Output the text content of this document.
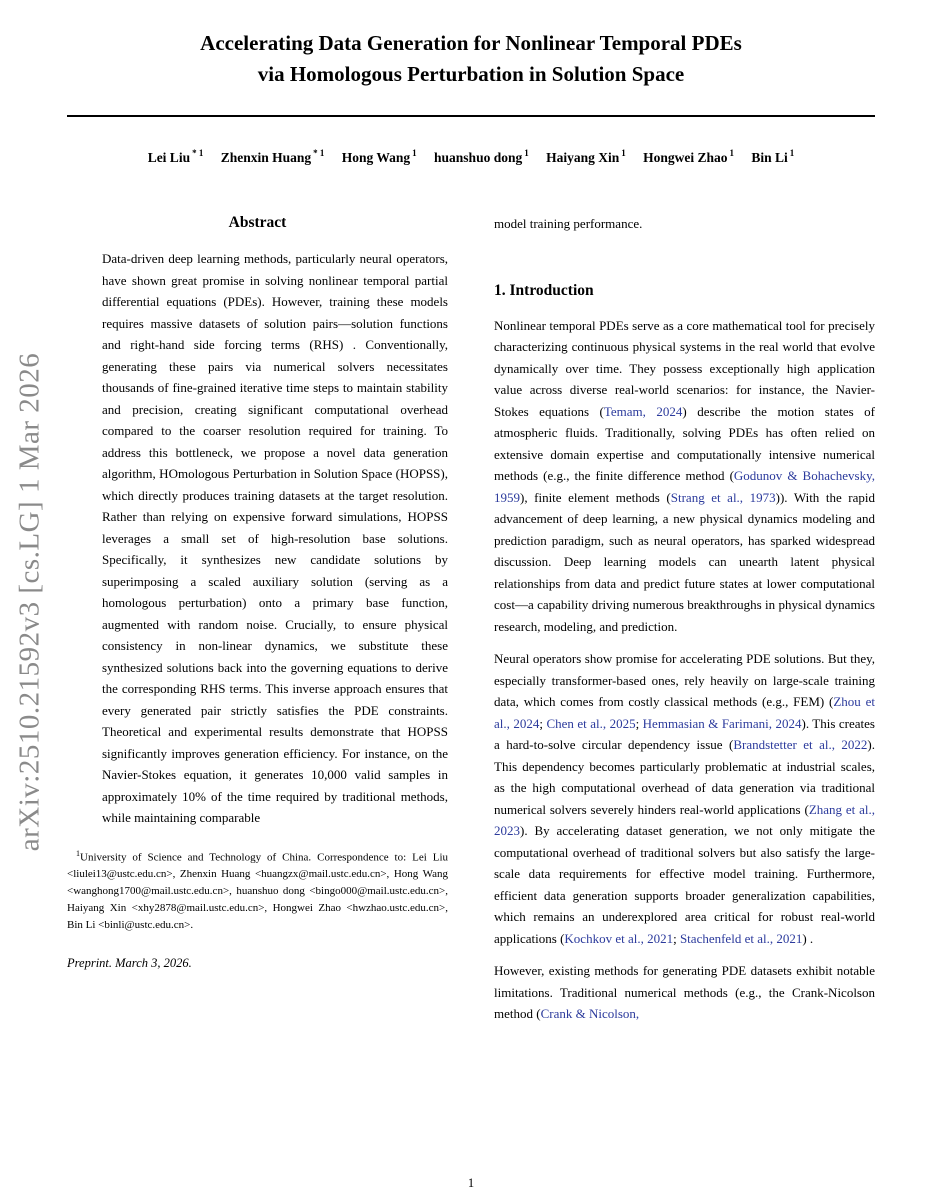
arXiv:2510.21592v3 [cs.LG] 1 Mar 2026
Accelerating Data Generation for Nonlinear Temporal PDEs
via Homologous Perturbation in Solution Space
Lei Liu $^{* 1}$ Zhenxin Huang $^{* 1}$ Hong Wang $^1$ huanshuo dong $^1$ Haiyang Xin $^1$ Hongwei Zhao $^1$ Bin Li $^1$
Abstract
Data-driven deep learning methods, particularly neural operators, have shown great promise in solving nonlinear temporal partial differential equations (PDEs). However, training these models requires massive datasets of solution pairs—solution functions and right-hand side forcing terms (RHS) . Conventionally, generating these pairs via numerical solvers necessitates thousands of fine-grained iterative time steps to maintain stability and precision, creating significant computational overhead compared to the coarser resolution required for training. To address this bottleneck, we propose a novel data generation algorithm, HOmologous Perturbation in Solution Space (HOPSS), which directly produces training datasets at the target resolution. Rather than relying on expensive forward simulations, HOPSS leverages a small set of high-resolution base solutions. Specifically, it synthesizes new candidate solutions by superimposing a scaled auxiliary solution (serving as a homologous perturbation) onto a primary base function, augmented with random noise. Crucially, to ensure physical consistency in non-linear dynamics, we substitute these synthesized solutions back into the governing equations to derive the corresponding RHS terms. This inverse approach ensures that every generated pair strictly satisfies the PDE constraints. Theoretical and experimental results demonstrate that HOPSS significantly improves generation efficiency. For instance, on the Navier-Stokes equation, it generates 10,000 valid samples in approximately 10% of the time required by traditional methods, while maintaining comparable
$^1$University of Science and Technology of China. Correspondence to: Lei Liu <liulei13@ustc.edu.cn>, Zhenxin Huang <huangzx@mail.ustc.edu.cn>, Hong Wang <wanghong1700@mail.ustc.edu.cn>, huanshuo dong <bingo000@mail.ustc.edu.cn>, Haiyang Xin <xhy2878@mail.ustc.edu.cn>, Hongwei Zhao <hwzhao.ustc.edu.cn>, Bin Li <binli@ustc.edu.cn>.
Preprint. March 3, 2026.

model training performance.

1. Introduction

Nonlinear temporal PDEs serve as a core mathematical tool for precisely characterizing continuous physical systems in the real world that evolve dynamically over time. They possess exceptionally high application value across diverse real-world scenarios: for instance, the Navier-Stokes equations (Temam, 2024) describe the motion states of atmospheric fluids. Traditionally, solving PDEs has often relied on extensive domain expertise and computationally intensive numerical methods (e.g., the finite difference method (Godunov & Bohachevsky, 1959), finite element methods (Strang et al., 1973)). With the rapid advancement of deep learning, a new physical dynamics modeling and prediction paradigm, such as neural operators, has sparked widespread discussion. Deep learning models can unearth latent physical relationships from data and predict future states at lower computational cost—a capability driving numerous breakthroughs in physical dynamics research, modeling, and prediction.

Neural operators show promise for accelerating PDE solutions. But they, especially transformer-based ones, rely heavily on large-scale training data, which comes from costly classical methods (e.g., FEM) (Zhou et al., 2024; Chen et al., 2025; Hemmasian & Farimani, 2024). This creates a hard-to-solve circular dependency issue (Brandstetter et al., 2022). This dependency becomes particularly problematic at industrial scales, as the high computational overhead of data generation via traditional numerical solvers severely hinders real-world applications (Zhang et al., 2023). By accelerating dataset generation, we not only mitigate the computational overhead of traditional solvers but also satisfy the large-scale data requirements for effective model training. Furthermore, efficient data generation supports broader generalization capabilities, which remains an underexplored area critical for robust real-world applications (Kochkov et al., 2021; Stachenfeld et al., 2021) .

However, existing methods for generating PDE datasets exhibit notable limitations. Traditional numerical methods (e.g., the Crank-Nicolson method (Crank & Nicolson,

1
